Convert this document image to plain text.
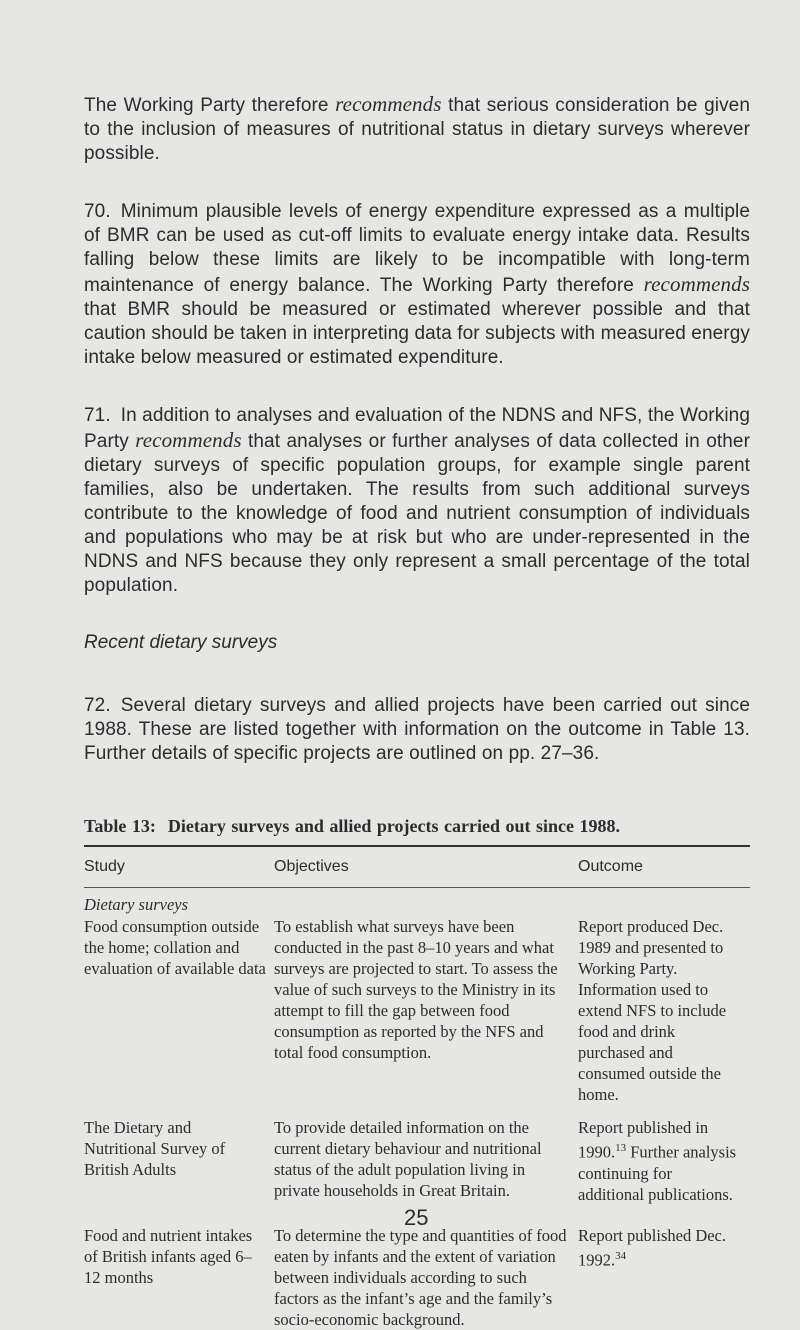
The Working Party therefore recommends that serious consideration be given to the inclusion of measures of nutritional status in dietary surveys wherever possible.

70. Minimum plausible levels of energy expenditure expressed as a multiple of BMR can be used as cut-off limits to evaluate energy intake data. Results falling below these limits are likely to be incompatible with long-term maintenance of energy balance. The Working Party therefore recommends that BMR should be measured or estimated wherever possible and that caution should be taken in interpreting data for subjects with measured energy intake below measured or estimated expenditure.

71. In addition to analyses and evaluation of the NDNS and NFS, the Working Party recommends that analyses or further analyses of data collected in other dietary surveys of specific population groups, for example single parent families, also be undertaken. The results from such additional surveys contribute to the knowledge of food and nutrient consumption of individuals and populations who may be at risk but who are under-represented in the NDNS and NFS because they only represent a small percentage of the total population.

Recent dietary surveys

72. Several dietary surveys and allied projects have been carried out since 1988. These are listed together with information on the outcome in Table 13. Further details of specific projects are outlined on pp. 27–36.

Table 13: Dietary surveys and allied projects carried out since 1988.
Study	Objectives	Outcome
Dietary surveys
Food consumption outside the home; collation and evaluation of available data
To establish what surveys have been conducted in the past 8–10 years and what surveys are projected to start. To assess the value of such surveys to the Ministry in its attempt to fill the gap between food consumption as reported by the NFS and total food consumption.
Report produced Dec. 1989 and presented to Working Party. Information used to extend NFS to include food and drink purchased and consumed outside the home.
The Dietary and Nutritional Survey of British Adults
To provide detailed information on the current dietary behaviour and nutritional status of the adult population living in private households in Great Britain.
Report published in 1990.13 Further analysis continuing for additional publications.
Food and nutrient intakes of British infants aged 6–12 months
To determine the type and quantities of food eaten by infants and the extent of variation between individuals according to such factors as the infant’s age and the family’s socio-economic background.
Report published Dec. 1992.34
25
